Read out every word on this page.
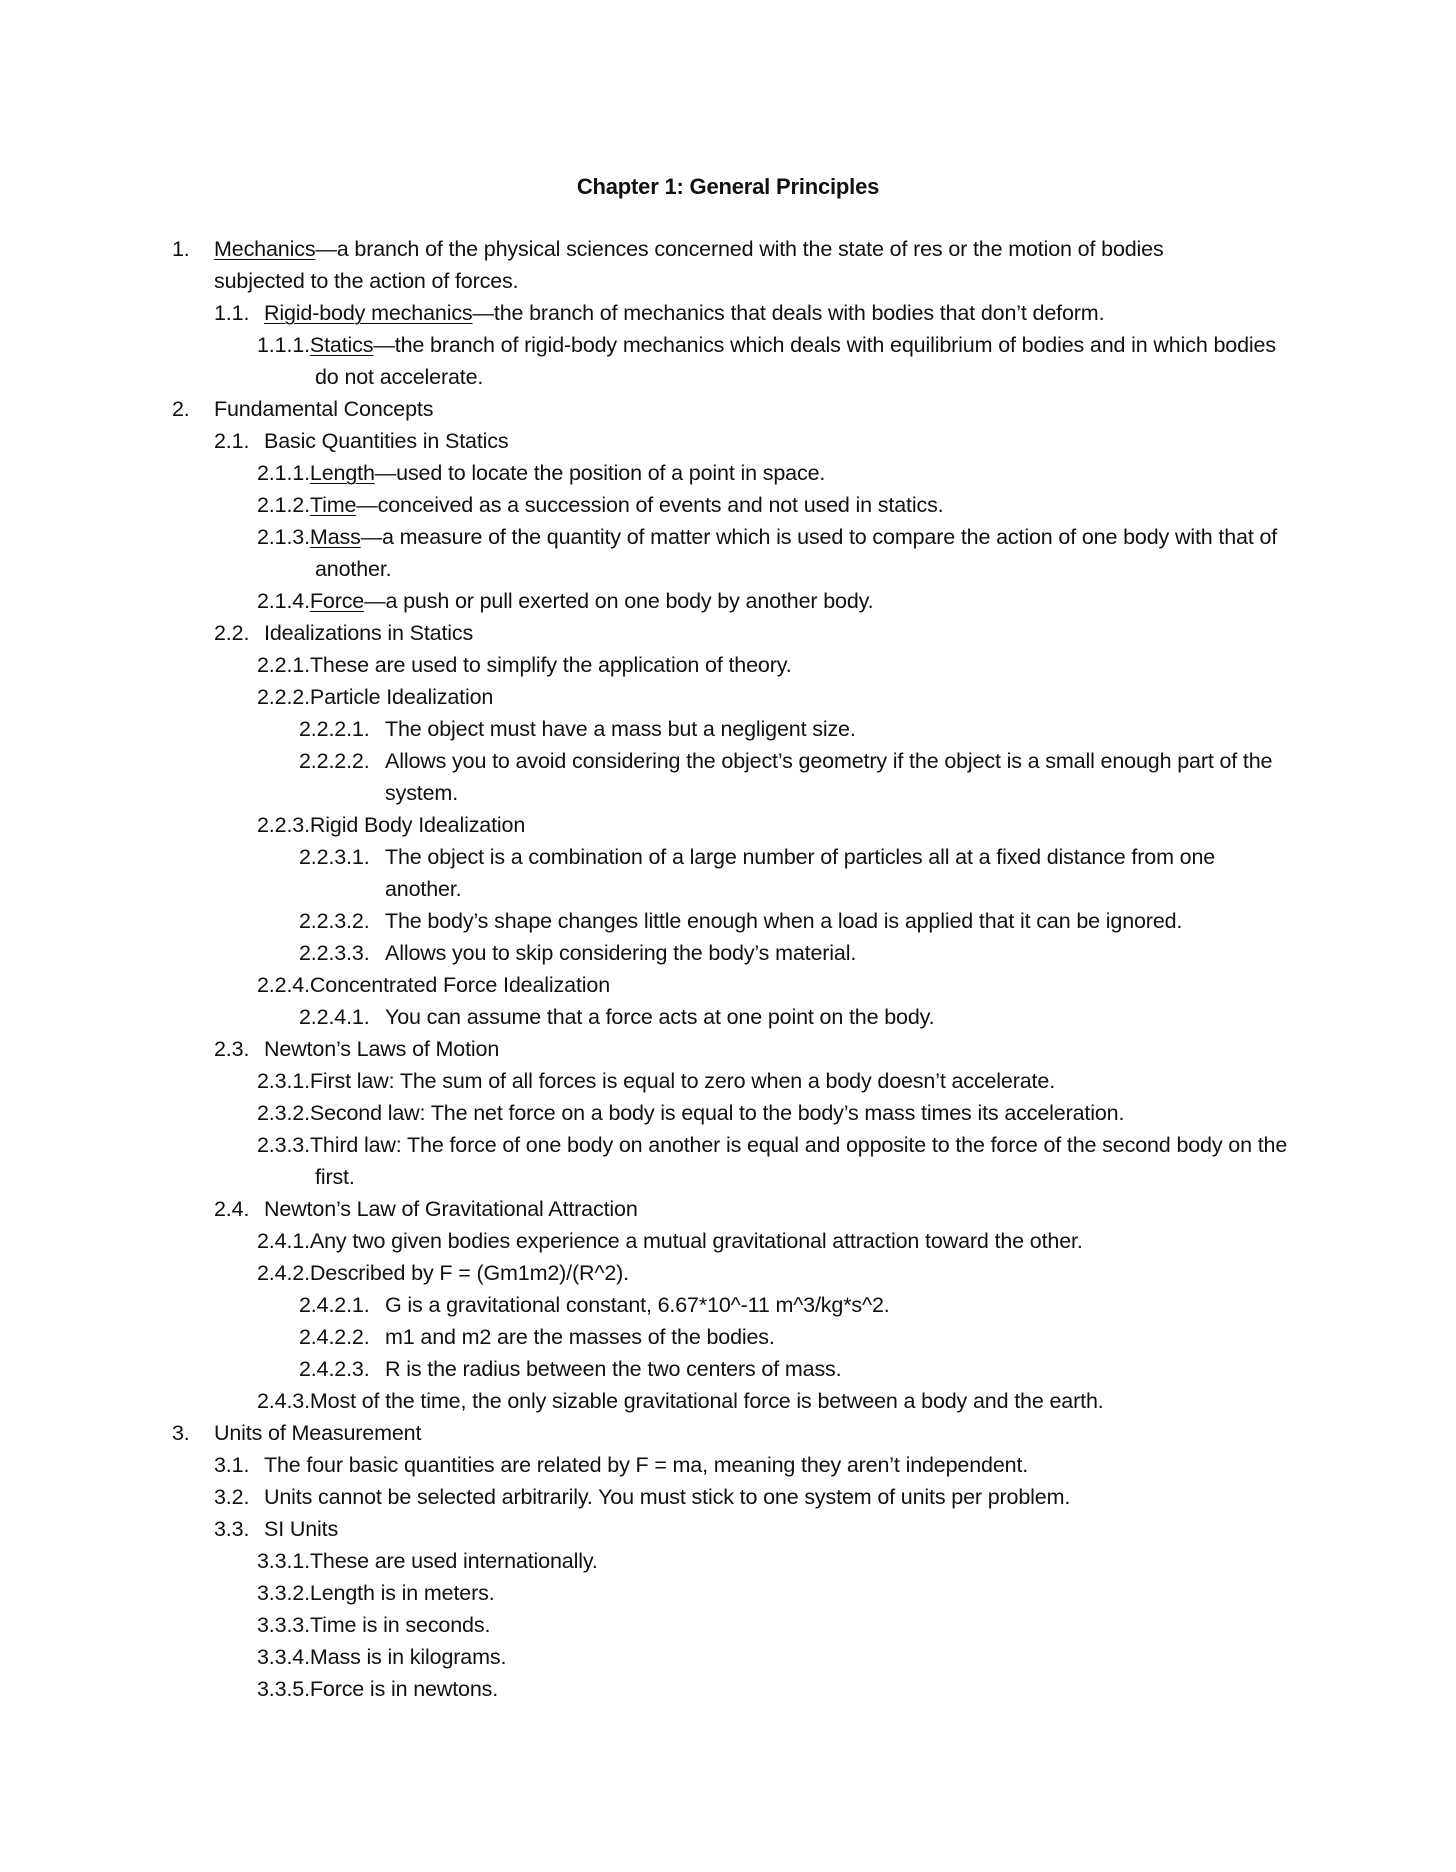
Chapter 1: General Principles
1. Mechanics—a branch of the physical sciences concerned with the state of res or the motion of bodies subjected to the action of forces.
1.1. Rigid-body mechanics—the branch of mechanics that deals with bodies that don’t deform.
1.1.1.Statics—the branch of rigid-body mechanics which deals with equilibrium of bodies and in which bodies do not accelerate.
2. Fundamental Concepts
2.1. Basic Quantities in Statics
2.1.1.Length—used to locate the position of a point in space.
2.1.2.Time—conceived as a succession of events and not used in statics.
2.1.3.Mass—a measure of the quantity of matter which is used to compare the action of one body with that of another.
2.1.4.Force—a push or pull exerted on one body by another body.
2.2. Idealizations in Statics
2.2.1.These are used to simplify the application of theory.
2.2.2.Particle Idealization
2.2.2.1. The object must have a mass but a negligent size.
2.2.2.2. Allows you to avoid considering the object’s geometry if the object is a small enough part of the system.
2.2.3.Rigid Body Idealization
2.2.3.1. The object is a combination of a large number of particles all at a fixed distance from one another.
2.2.3.2. The body’s shape changes little enough when a load is applied that it can be ignored.
2.2.3.3. Allows you to skip considering the body’s material.
2.2.4.Concentrated Force Idealization
2.2.4.1. You can assume that a force acts at one point on the body.
2.3. Newton’s Laws of Motion
2.3.1.First law: The sum of all forces is equal to zero when a body doesn’t accelerate.
2.3.2.Second law: The net force on a body is equal to the body’s mass times its acceleration.
2.3.3.Third law: The force of one body on another is equal and opposite to the force of the second body on the first.
2.4. Newton’s Law of Gravitational Attraction
2.4.1.Any two given bodies experience a mutual gravitational attraction toward the other.
2.4.2.Described by F = (Gm1m2)/(R^2).
2.4.2.1. G is a gravitational constant, 6.67*10^-11 m^3/kg*s^2.
2.4.2.2. m1 and m2 are the masses of the bodies.
2.4.2.3. R is the radius between the two centers of mass.
2.4.3.Most of the time, the only sizable gravitational force is between a body and the earth.
3. Units of Measurement
3.1. The four basic quantities are related by F = ma, meaning they aren’t independent.
3.2. Units cannot be selected arbitrarily. You must stick to one system of units per problem.
3.3. SI Units
3.3.1.These are used internationally.
3.3.2.Length is in meters.
3.3.3.Time is in seconds.
3.3.4.Mass is in kilograms.
3.3.5.Force is in newtons.
